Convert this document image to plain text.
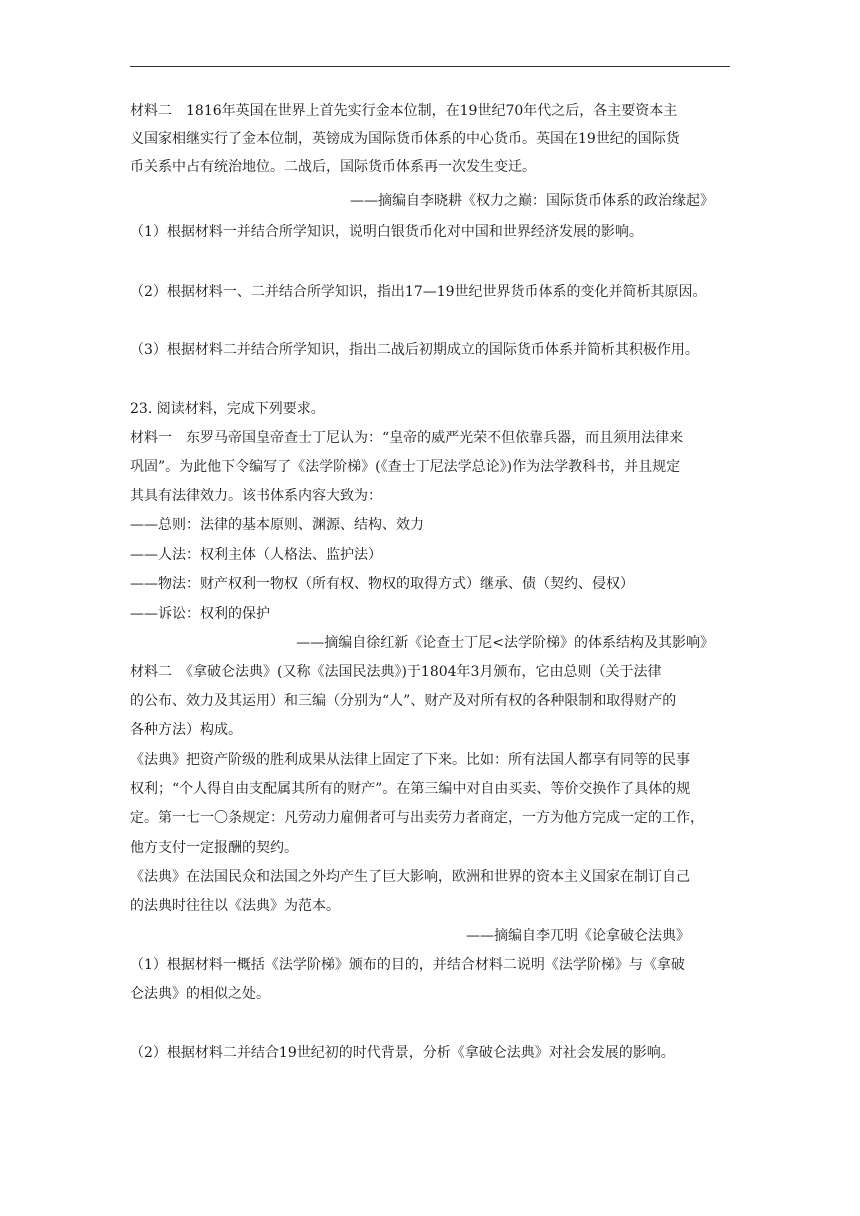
材料二　1816年英国在世界上首先实行金本位制，在19世纪70年代之后，各主要资本主
义国家相继实行了金本位制，英镑成为国际货币体系的中心货币。英国在19世纪的国际货
币关系中占有统治地位。二战后，国际货币体系再一次发生变迁。
——摘编自李晓耕《权力之巅：国际货币体系的政治缘起》
（1）根据材料一并结合所学知识，说明白银货币化对中国和世界经济发展的影响。
（2）根据材料一、二并结合所学知识，指出17—19世纪世界货币体系的变化并简析其原因。
（3）根据材料二并结合所学知识，指出二战后初期成立的国际货币体系并简析其积极作用。
23. 阅读材料，完成下列要求。
材料一　东罗马帝国皇帝查士丁尼认为：“皇帝的威严光荣不但依靠兵器，而且须用法律来
巩固”。为此他下令编写了《法学阶梯》(《查士丁尼法学总论》)作为法学教科书，并且规定
其具有法律效力。该书体系内容大致为：
——总则：法律的基本原则、渊源、结构、效力
——人法：权利主体（人格法、监护法）
——物法：财产权利一物权（所有权、物权的取得方式）继承、债（契约、侵权）
——诉讼：权利的保护
——摘编自徐红新《论查士丁尼<法学阶梯》的体系结构及其影响》
材料二　《拿破仑法典》(又称《法国民法典》)于1804年3月颁布，它由总则（关于法律
的公布、效力及其运用）和三编（分别为“人”、财产及对所有权的各种限制和取得财产的
各种方法）构成。
《法典》把资产阶级的胜利成果从法律上固定了下来。比如：所有法国人都享有同等的民事
权利；“个人得自由支配属其所有的财产”。在第三编中对自由买卖、等价交换作了具体的规
定。第一七一〇条规定：凡劳动力雇佣者可与出卖劳力者商定，一方为他方完成一定的工作，
他方支付一定报酬的契约。
《法典》在法国民众和法国之外均产生了巨大影响，欧洲和世界的资本主义国家在制订自己
的法典时往往以《法典》为范本。
——摘编自李兀明《论拿破仑法典》
（1）根据材料一概括《法学阶梯》颁布的目的，并结合材料二说明《法学阶梯》与《拿破
仑法典》的相似之处。
（2）根据材料二并结合19世纪初的时代背景，分析《拿破仑法典》对社会发展的影响。
